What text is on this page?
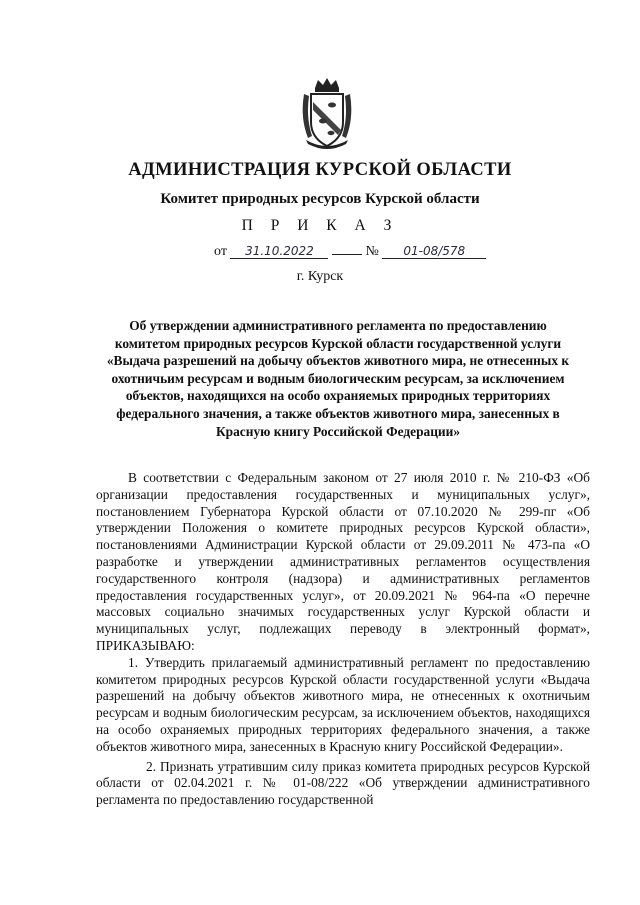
АДМИНИСТРАЦИЯ КУРСКОЙ ОБЛАСТИ
Комитет природных ресурсов Курской области
П Р И К А З
от 31.10.2022	№ 01-08/578
г. Курск
Об утверждении административного регламента по предоставлению комитетом природных ресурсов Курской области государственной услуги «Выдача разрешений на добычу объектов животного мира, не отнесенных к охотничьим ресурсам и водным биологическим ресурсам, за исключением объектов, находящихся на особо охраняемых природных территориях федерального значения, а также объектов животного мира, занесенных в Красную книгу Российской Федерации»

В соответствии с Федеральным законом от 27 июля 2010 г. № 210-ФЗ «Об организации предоставления государственных и муниципальных услуг», постановлением Губернатора Курской области от 07.10.2020 № 299-пг «Об утверждении Положения о комитете природных ресурсов Курской области», постановлениями Администрации Курской области от 29.09.2011 № 473-па «О разработке и утверждении административных регламентов осуществления государственного контроля (надзора) и административных регламентов предоставления государственных услуг», от 20.09.2021 № 964-па «О перечне массовых социально значимых государственных услуг Курской области и муниципальных услуг, подлежащих переводу в электронный формат», ПРИКАЗЫВАЮ:

1. Утвердить прилагаемый административный регламент по предоставлению комитетом природных ресурсов Курской области государственной услуги «Выдача разрешений на добычу объектов животного мира, не отнесенных к охотничьим ресурсам и водным биологическим ресурсам, за исключением объектов, находящихся на особо охраняемых природных территориях федерального значения, а также объектов животного мира, занесенных в Красную книгу Российской Федерации».

2. Признать утратившим силу приказ комитета природных ресурсов Курской области от 02.04.2021 г. № 01-08/222 «Об утверждении административного регламента по предоставлению государственной
